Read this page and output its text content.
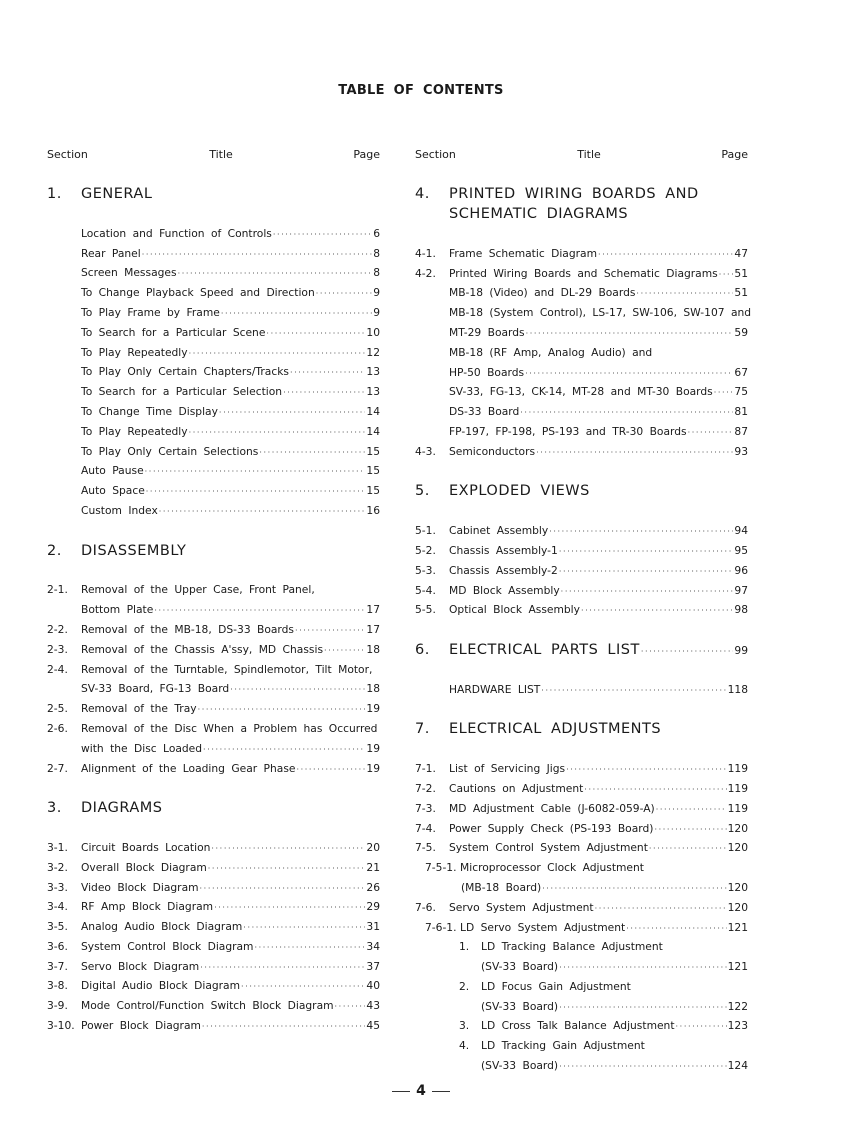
TABLE OF CONTENTS
Section	Title	Page
1. GENERAL
Location and Function of Controls ·····	6
Rear Panel ·····	8
Screen Messages ·····	8
To Change Playback Speed and Direction ·····	9
To Play Frame by Frame ·····	9
To Search for a Particular Scene ·····	10
To Play Repeatedly ·····	12
To Play Only Certain Chapters/Tracks ·····	13
To Search for a Particular Selection ·····	13
To Change Time Display ·····	14
To Play Repeatedly ·····	14
To Play Only Certain Selections ·····	15
Auto Pause ·····	15
Auto Space ·····	15
Custom Index ·····	16
2. DISASSEMBLY
2-1. Removal of the Upper Case, Front Panel,
Bottom Plate ·····	17
2-2. Removal of the MB-18, DS-33 Boards ·····	17
2-3. Removal of the Chassis A'ssy, MD Chassis ·····	18
2-4. Removal of the Turntable, Spindlemotor, Tilt Motor,
SV-33 Board, FG-13 Board ·····	18
2-5. Removal of the Tray ·····	19
2-6. Removal of the Disc When a Problem has Occurred
with the Disc Loaded ·····	19
2-7. Alignment of the Loading Gear Phase ·····	19
3. DIAGRAMS
3-1. Circuit Boards Location ·····	20
3-2. Overall Block Diagram ·····	21
3-3. Video Block Diagram ·····	26
3-4. RF Amp Block Diagram ·····	29
3-5. Analog Audio Block Diagram ·····	31
3-6. System Control Block Diagram ·····	34
3-7. Servo Block Diagram ·····	37
3-8. Digital Audio Block Diagram ·····	40
3-9. Mode Control/Function Switch Block Diagram ·····	43
3-10. Power Block Diagram ·····	45
Section	Title	Page
4. PRINTED WIRING BOARDS AND
SCHEMATIC DIAGRAMS
4-1. Frame Schematic Diagram ·····	47
4-2. Printed Wiring Boards and Schematic Diagrams ····· 51
MB-18 (Video) and DL-29 Boards ·····	51
MB-18 (System Control), LS-17, SW-106, SW-107 and
MT-29 Boards ·····	59
MB-18 (RF Amp, Analog Audio) and
HP-50 Boards ·····	67
SV-33, FG-13, CK-14, MT-28 and MT-30 Boards ····· 75
DS-33 Board ·····	81
FP-197, FP-198, PS-193 and TR-30 Boards ·····	87
4-3. Semiconductors ·····	93
5. EXPLODED VIEWS
5-1. Cabinet Assembly ·····	94
5-2. Chassis Assembly-1 ·····	95
5-3. Chassis Assembly-2 ·····	96
5-4. MD Block Assembly ·····	97
5-5. Optical Block Assembly ·····	98
6. ELECTRICAL PARTS LIST ·····	99
HARDWARE LIST ·····	118
7. ELECTRICAL ADJUSTMENTS
7-1. List of Servicing Jigs ·····	119
7-2. Cautions on Adjustment ·····	119
7-3. MD Adjustment Cable (J-6082-059-A) ·····	119
7-4. Power Supply Check (PS-193 Board) ·····	120
7-5. System Control System Adjustment ·····	120
7-5-1. Microprocessor Clock Adjustment
(MB-18 Board) ·····	120
7-6. Servo System Adjustment ·····	120
7-6-1. LD Servo System Adjustment ·····	121
1. LD Tracking Balance Adjustment
(SV-33 Board) ·····	121
2. LD Focus Gain Adjustment
(SV-33 Board) ·····	122
3. LD Cross Talk Balance Adjustment ·····	123
4. LD Tracking Gain Adjustment
(SV-33 Board) ·····	124
4
